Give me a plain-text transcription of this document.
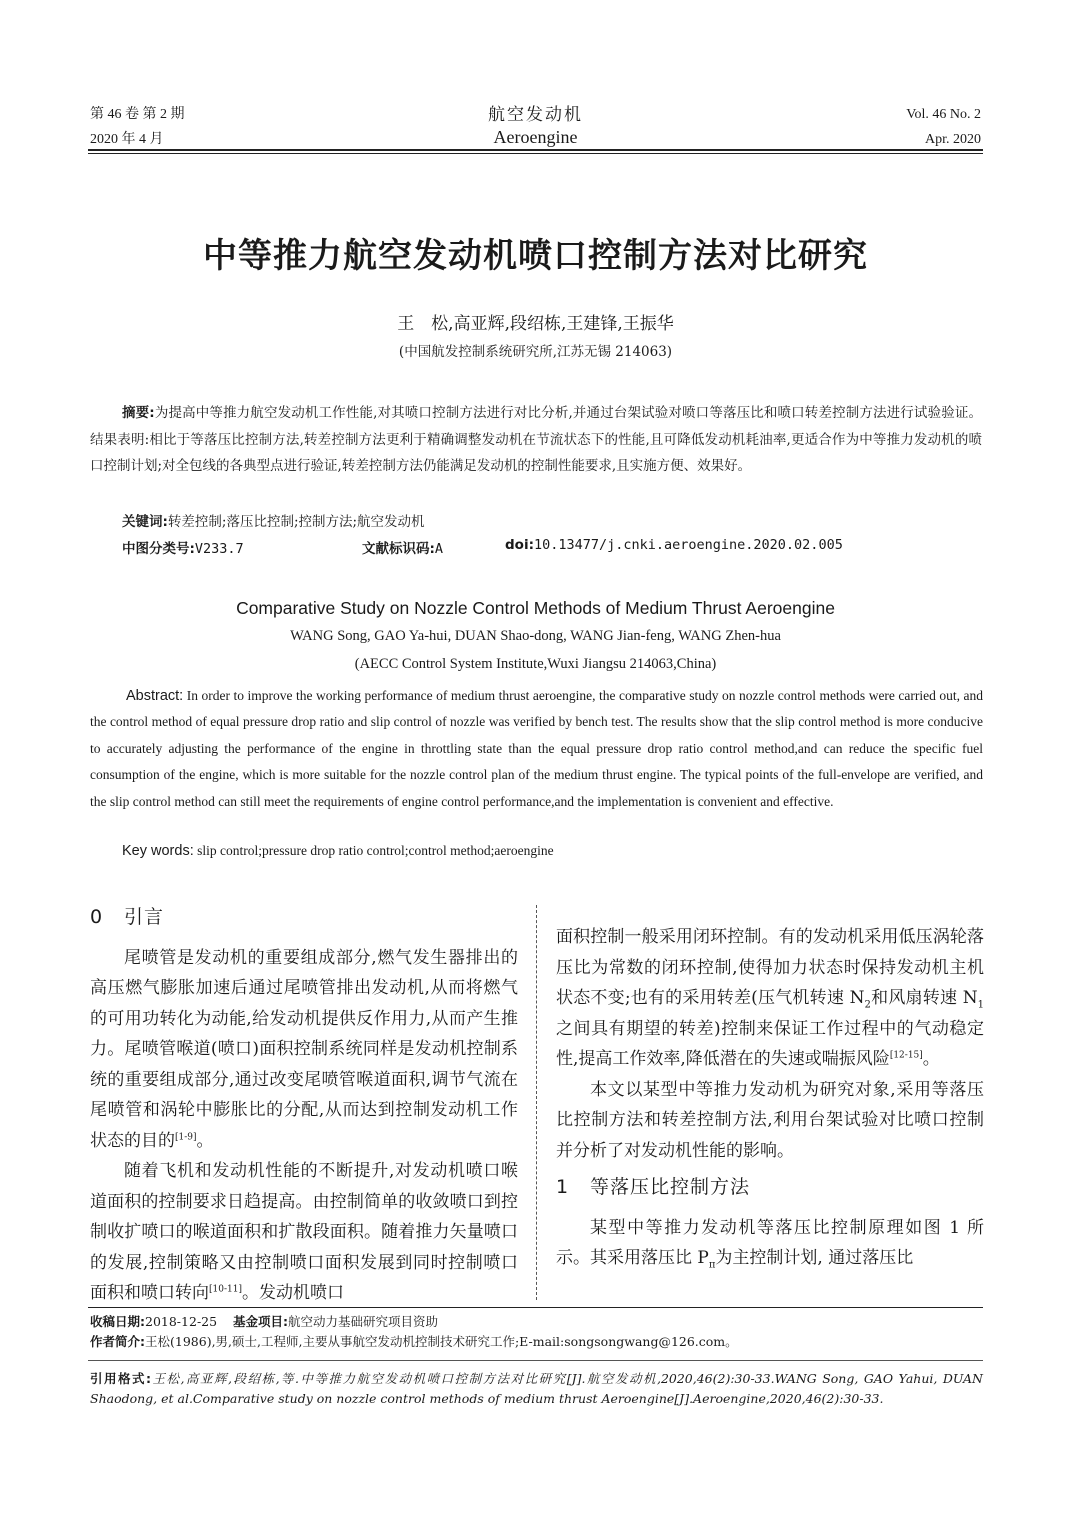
第 46 卷 第 2 期
2020 年 4 月
航空发动机
Aeroengine
Vol. 46 No. 2
Apr. 2020
中等推力航空发动机喷口控制方法对比研究
王　松,高亚辉,段绍栋,王建锋,王振华
(中国航发控制系统研究所,江苏无锡 214063)
摘要:为提高中等推力航空发动机工作性能,对其喷口控制方法进行对比分析,并通过台架试验对喷口等落压比和喷口转差控制方法进行试验验证。结果表明:相比于等落压比控制方法,转差控制方法更利于精确调整发动机在节流状态下的性能,且可降低发动机耗油率,更适合作为中等推力发动机的喷口控制计划;对全包线的各典型点进行验证,转差控制方法仍能满足发动机的控制性能要求,且实施方便、效果好。
关键词:转差控制;落压比控制;控制方法;航空发动机
中图分类号:V233.7	文献标识码:A	doi:10.13477/j.cnki.aeroengine.2020.02.005
Comparative Study on Nozzle Control Methods of Medium Thrust Aeroengine
WANG Song, GAO Ya-hui, DUAN Shao-dong, WANG Jian-feng, WANG Zhen-hua
(AECC Control System Institute,Wuxi Jiangsu 214063,China)
Abstract: In order to improve the working performance of medium thrust aeroengine, the comparative study on nozzle control methods were carried out, and the control method of equal pressure drop ratio and slip control of nozzle was verified by bench test. The results show that the slip control method is more conducive to accurately adjusting the performance of the engine in throttling state than the equal pressure drop ratio control method,and can reduce the specific fuel consumption of the engine, which is more suitable for the nozzle control plan of the medium thrust engine. The typical points of the full-envelope are verified, and the slip control method can still meet the requirements of engine control performance,and the implementation is convenient and effective.
Key words: slip control;pressure drop ratio control;control method;aeroengine
0 引言

尾喷管是发动机的重要组成部分,燃气发生器排出的高压燃气膨胀加速后通过尾喷管排出发动机,从而将燃气的可用功转化为动能,给发动机提供反作用力,从而产生推力。尾喷管喉道(喷口)面积控制系统同样是发动机控制系统的重要组成部分,通过改变尾喷管喉道面积,调节气流在尾喷管和涡轮中膨胀比的分配,从而达到控制发动机工作状态的目的[1-9]。

随着飞机和发动机性能的不断提升,对发动机喷口喉道面积的控制要求日趋提高。由控制简单的收敛喷口到控制收扩喷口的喉道面积和扩散段面积。随着推力矢量喷口的发展,控制策略又由控制喷口面积发展到同时控制喷口面积和喷口转向[10-11]。发动机喷口

面积控制一般采用闭环控制。有的发动机采用低压涡轮落压比为常数的闭环控制,使得加力状态时保持发动机主机状态不变;也有的采用转差(压气机转速 $N_2$和风扇转速 $N_1$之间具有期望的转差)控制来保证工作过程中的气动稳定性,提高工作效率,降低潜在的失速或喘振风险[12-15]。

本文以某型中等推力发动机为研究对象,采用等落压比控制方法和转差控制方法,利用台架试验对比喷口控制并分析了对发动机性能的影响。

1 等落压比控制方法

某型中等推力发动机等落压比控制原理如图 1 所示。其采用落压比 $P_\pi$为主控制计划, 通过落压比

收稿日期:2018-12-25 基金项目:航空动力基础研究项目资助
作者简介:王松(1986),男,硕士,工程师,主要从事航空发动机控制技术研究工作;E-mail:songsongwang@126.com。
引用格式:王松,高亚辉,段绍栋,等.中等推力航空发动机喷口控制方法对比研究[J].航空发动机,2020,46(2):30-33.WANG Song, GAO Yahui, DUAN Shaodong, et al.Comparative study on nozzle control methods of medium thrust Aeroengine[J].Aeroengine,2020,46(2):30-33.
